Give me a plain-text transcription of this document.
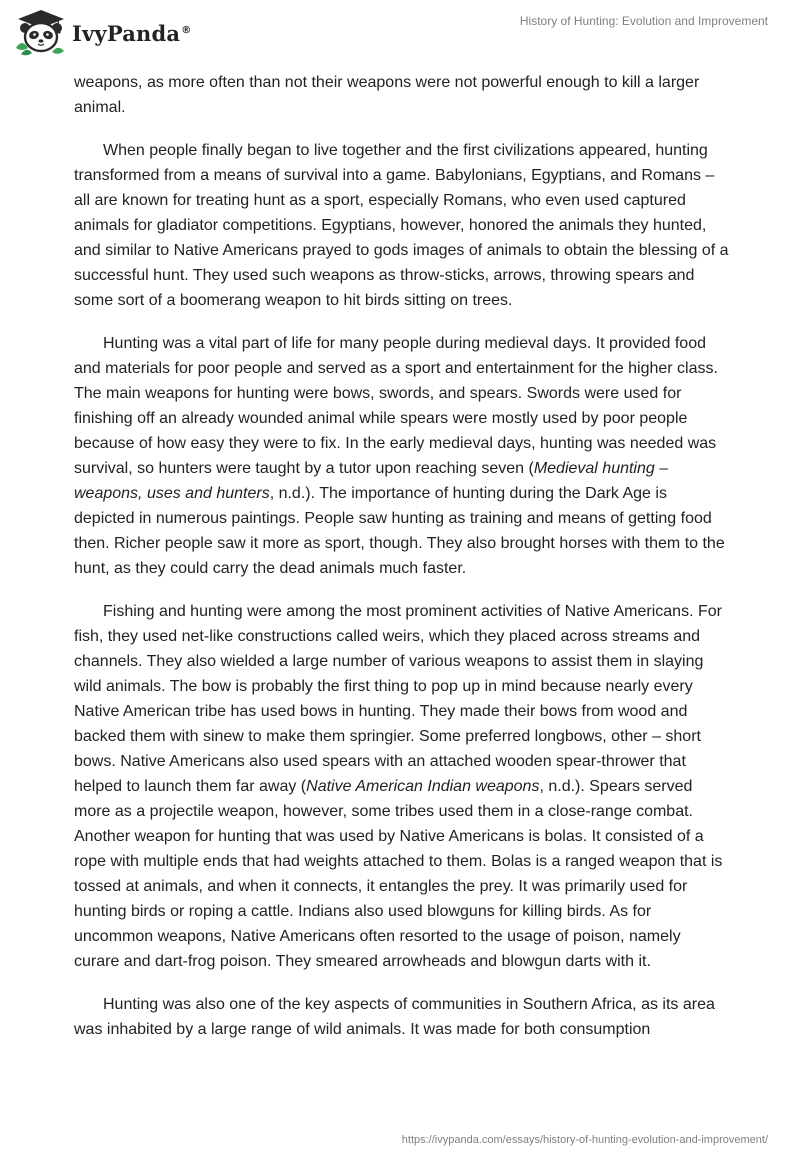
IvyPanda®
History of Hunting: Evolution and Improvement

weapons, as more often than not their weapons were not powerful enough to kill a larger animal.

When people finally began to live together and the first civilizations appeared, hunting transformed from a means of survival into a game. Babylonians, Egyptians, and Romans – all are known for treating hunt as a sport, especially Romans, who even used captured animals for gladiator competitions. Egyptians, however, honored the animals they hunted, and similar to Native Americans prayed to gods images of animals to obtain the blessing of a successful hunt. They used such weapons as throw-sticks, arrows, throwing spears and some sort of a boomerang weapon to hit birds sitting on trees.

Hunting was a vital part of life for many people during medieval days. It provided food and materials for poor people and served as a sport and entertainment for the higher class. The main weapons for hunting were bows, swords, and spears. Swords were used for finishing off an already wounded animal while spears were mostly used by poor people because of how easy they were to fix. In the early medieval days, hunting was needed was survival, so hunters were taught by a tutor upon reaching seven (Medieval hunting – weapons, uses and hunters, n.d.). The importance of hunting during the Dark Age is depicted in numerous paintings. People saw hunting as training and means of getting food then. Richer people saw it more as sport, though. They also brought horses with them to the hunt, as they could carry the dead animals much faster.

Fishing and hunting were among the most prominent activities of Native Americans. For fish, they used net-like constructions called weirs, which they placed across streams and channels. They also wielded a large number of various weapons to assist them in slaying wild animals. The bow is probably the first thing to pop up in mind because nearly every Native American tribe has used bows in hunting. They made their bows from wood and backed them with sinew to make them springier. Some preferred longbows, other – short bows. Native Americans also used spears with an attached wooden spear-thrower that helped to launch them far away (Native American Indian weapons, n.d.). Spears served more as a projectile weapon, however, some tribes used them in a close-range combat. Another weapon for hunting that was used by Native Americans is bolas. It consisted of a rope with multiple ends that had weights attached to them. Bolas is a ranged weapon that is tossed at animals, and when it connects, it entangles the prey. It was primarily used for hunting birds or roping a cattle. Indians also used blowguns for killing birds. As for uncommon weapons, Native Americans often resorted to the usage of poison, namely curare and dart-frog poison. They smeared arrowheads and blowgun darts with it.

Hunting was also one of the key aspects of communities in Southern Africa, as its area was inhabited by a large range of wild animals. It was made for both consumption

https://ivypanda.com/essays/history-of-hunting-evolution-and-improvement/
